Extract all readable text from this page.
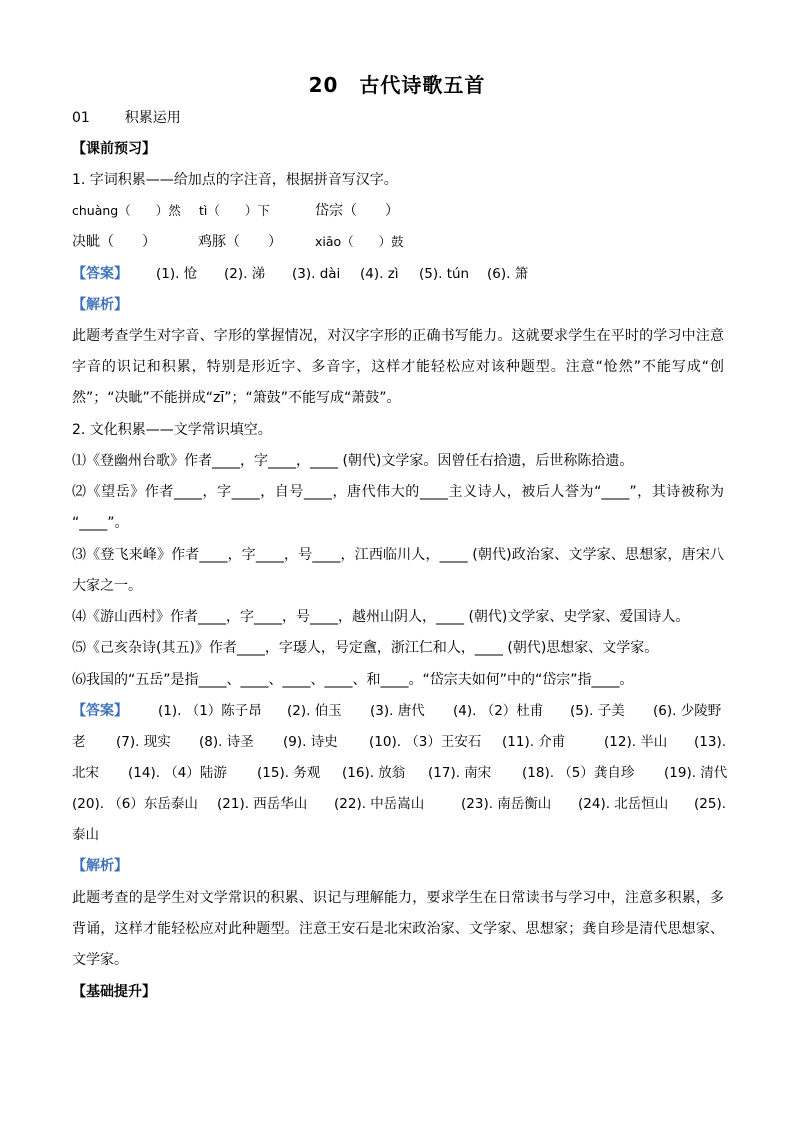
20　古代诗歌五首
01 积累运用
【课前预习】
1. 字词积累——给加点的字注音，根据拼音写汉字。
chuàng（　　）然 tì（　　）下	岱宗（　　）
决眦（　　）	鸡豚（　　）	xiāo（　　）鼓
【答案】 (1). 怆 (2). 涕 (3). dài (4). zì (5). tún (6). 箫
【解析】
此题考查学生对字音、字形的掌握情况，对汉字字形的正确书写能力。这就要求学生在平时的学习中注意
字音的识记和积累，特别是形近字、多音字，这样才能轻松应对该种题型。注意“怆然”不能写成“创
然”；“决眦”不能拼成“zī”；“箫鼓”不能写成“萧鼓”。
2. 文化积累——文学常识填空。
⑴《登幽州台歌》作者____，字____，____ (朝代)文学家。因曾任右拾遗，后世称陈拾遗。
⑵《望岳》作者____，字____，自号____，唐代伟大的____主义诗人，被后人誉为“____”，其诗被称为
“____”。
⑶《登飞来峰》作者____，字____，号____，江西临川人，____ (朝代)政治家、文学家、思想家，唐宋八
大家之一。
⑷《游山西村》作者____，字____，号____，越州山阴人，____ (朝代)文学家、史学家、爱国诗人。
⑸《己亥杂诗(其五)》作者____，字璱人，号定盦，浙江仁和人，____ (朝代)思想家、文学家。
⑹我国的“五岳”是指____、____、____、____、和____。“岱宗夫如何”中的“岱宗”指____。
【答案】 (1). （1）陈子昂 (2). 伯玉 (3). 唐代 (4). （2）杜甫 (5). 子美 (6). 少陵野
老 (7). 现实 (8). 诗圣 (9). 诗史 (10). （3）王安石 (11). 介甫	(12). 半山 (13).
北宋 (14). （4）陆游 (15). 务观 (16). 放翁 (17). 南宋 (18). （5）龚自珍 (19). 清代
(20). （6）东岳泰山 (21). 西岳华山 (22). 中岳嵩山	(23). 南岳衡山 (24). 北岳恒山 (25).
泰山
【解析】
此题考查的是学生对文学常识的积累、识记与理解能力，要求学生在日常读书与学习中，注意多积累，多
背诵，这样才能轻松应对此种题型。注意王安石是北宋政治家、文学家、思想家；龚自珍是清代思想家、
文学家。
【基础提升】
